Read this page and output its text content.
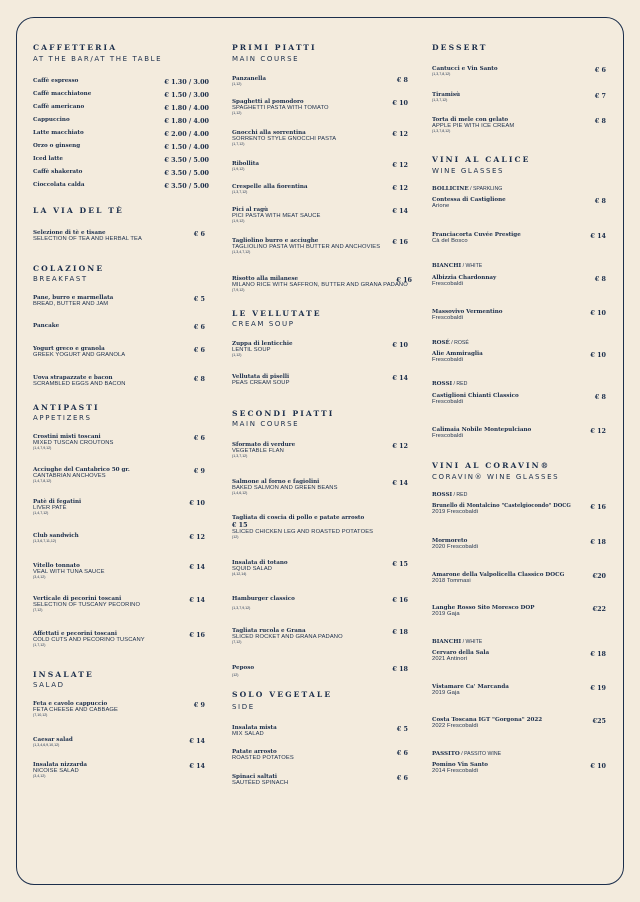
CAFFETTERIA
AT THE BAR/AT THE TABLE
Caffè espresso	€ 1.30 / 3.00
Caffè macchiatone	€ 1.50 / 3.00
Caffè americano	€ 1.80 / 4.00
Cappuccino	€ 1.80 / 4.00
Latte macchiato	€ 2.00 / 4.00
Orzo o ginseng	€ 1.50 / 4.00
Iced latte	€ 3.50 / 5.00
Caffè shakerato	€ 3.50 / 5.00
Cioccolata calda	€ 3.50 / 5.00
LA VIA DEL TÈ
Selezione di tè e tisane	€ 6
SELECTION OF TEA AND HERBAL TEA
COLAZIONE
BREAKFAST
Pane, burro e marmellata	€ 5
BREAD, BUTTER AND JAM
Pancake	€ 6
Yogurt greco e granola	€ 6
GREEK YOGURT AND GRANOLA
Uova strapazzate e bacon	€ 8
SCRAMBLED EGGS AND BACON
ANTIPASTI
APPETIZERS
Crostini misti toscani	€ 6
MIXED TUSCAN CROUTONS
(1,4,7,9,12)
Acciughe del Cantabrico 50 gr.	€ 9
CANTABRIAN ANCHOVES
(1,4,7,8,12)
Patè di fegatini	€ 10
LIVER PATÈ
(1,4,7,12)
Club sandwich	€ 12
(1,3,6,7,11,12)
Vitello tonnato	€ 14
VEAL WITH TUNA SAUCE
(3,4,12)
Verticale di pecorini toscani	€ 14
SELECTION OF TUSCANY PECORINO
(7,12)
Affettati e pecorini toscani	€ 16
COLD CUTS AND PECORINO TUSCANY
(1,7,12)
INSALATE
SALAD
Feta e cavolo cappuccio	€ 9
FETA CHEESE AND CABBAGE
(7,10,12)
Caesar salad	€ 14
(1,3,4,6,9,10,12)
Insalata nizzarda	€ 14
NICOISE SALAD
(3,4,12)
PRIMI PIATTI
MAIN COURSE
Panzanella	€ 8
(1,12)
Spaghetti al pomodoro	€ 10
SPAGHETTI PASTA WITH TOMATO
(1,12)
Gnocchi alla sorrentina	€ 12
SORRENTO STYLE GNOCCHI PASTA
(1,7,12)
Ribollita	€ 12
(1,9,12)
Crespelle alla fiorentina	€ 12
(1,3,7,12)
Pici al ragù	€ 14
PICI PASTA WITH MEAT SAUCE
(1,9,12)
Tagliolino burro e acciughe	€ 16
TAGLIOLINO PASTA WITH BUTTER AND ANCHOVIES
(1,3,4,7,12)
Risotto alla milanese	€ 16
MILANO RICE WITH SAFFRON, BUTTER AND GRANA PADANO
(7,9,12)
LE VELLUTATE
CREAM SOUP
Zuppa di lenticchie	€ 10
LENTIL SOUP
(1,12)
Vellutata di piselli	€ 14
PEAS CREAM SOUP
SECONDI PIATTI
MAIN COURSE
Sformato di verdure	€ 12
VEGETABLE FLAN
(1,3,7,12)
Salmone al forno e fagiolini	€ 14
BAKED SALMON AND GREEN BEANS
(1,4,6,12)
Tagliata di coscia di pollo e patate arrosto
€ 15
SLICED CHICKEN LEG AND ROASTED POTATOES
(12)
Insalata di totano	€ 15
SQUID SALAD
(4,12,14)
Hamburger classico	€ 16
(1,3,7,9,12)
Tagliata rucola e Grana	€ 18
SLICED ROCKET AND GRANA PADANO
(7,12)
Peposo	€ 18
(12)
SOLO VEGETALE
SIDE
Insalata mista	€ 5
MIX SALAD
Patate arrosto	€ 6
ROASTED POTATOES
Spinaci saltati	€ 6
SAUTÉED SPINACH
DESSERT
Cantucci e Vin Santo	€ 6
(1,3,7,8,12)
Tiramisù	€ 7
(1,3,7,12)
Torta di mele con gelato	€ 8
APPLE PIE WITH ICE CREAM
(1,3,7,8,12)
VINI AL CALICE
WINE GLASSES
BOLLICINE / SPARKLING
Contessa di Castiglione	€ 8
Arione
Franciacorta Cuvée Prestige	€ 14
Cà del Bosco
BIANCHI / WHITE
Albizzia Chardonnay	€ 8
Frescobaldi
Massovivo Vermentino	€ 10
Frescobaldi
ROSÉ / ROSÉ
Alìe Ammiraglia	€ 10
Frescobaldi
ROSSI / RED
Castiglioni Chianti Classico	€ 8
Frescobaldi
Calimaia Nobile Montepulciano	€ 12
Frescobaldi
VINI AL CORAVIN®
CORAVIN® WINE GLASSES
ROSSI / RED
Brunello di Montalcino "Castelgiocondo" DOCG	€ 16
2019 Frescobaldi
Mormoreto	€ 18
2020 Frescobaldi
Amarone della Valpolicella Classico DOCG	€20
2018 Tommasi
Langhe Rosso Sito Moresco DOP	€22
2019 Gaja
BIANCHI / WHITE
Cervaro della Sala	€ 18
2021 Antinori
Vistamare Ca' Marcanda	€ 19
2019 Gaja
Costa Toscana IGT "Gorgona" 2022	€25
2022 Frescobaldi
PASSITO / PASSITO WINE
Pomino Vin Santo	€ 10
2014 Frescobaldi
